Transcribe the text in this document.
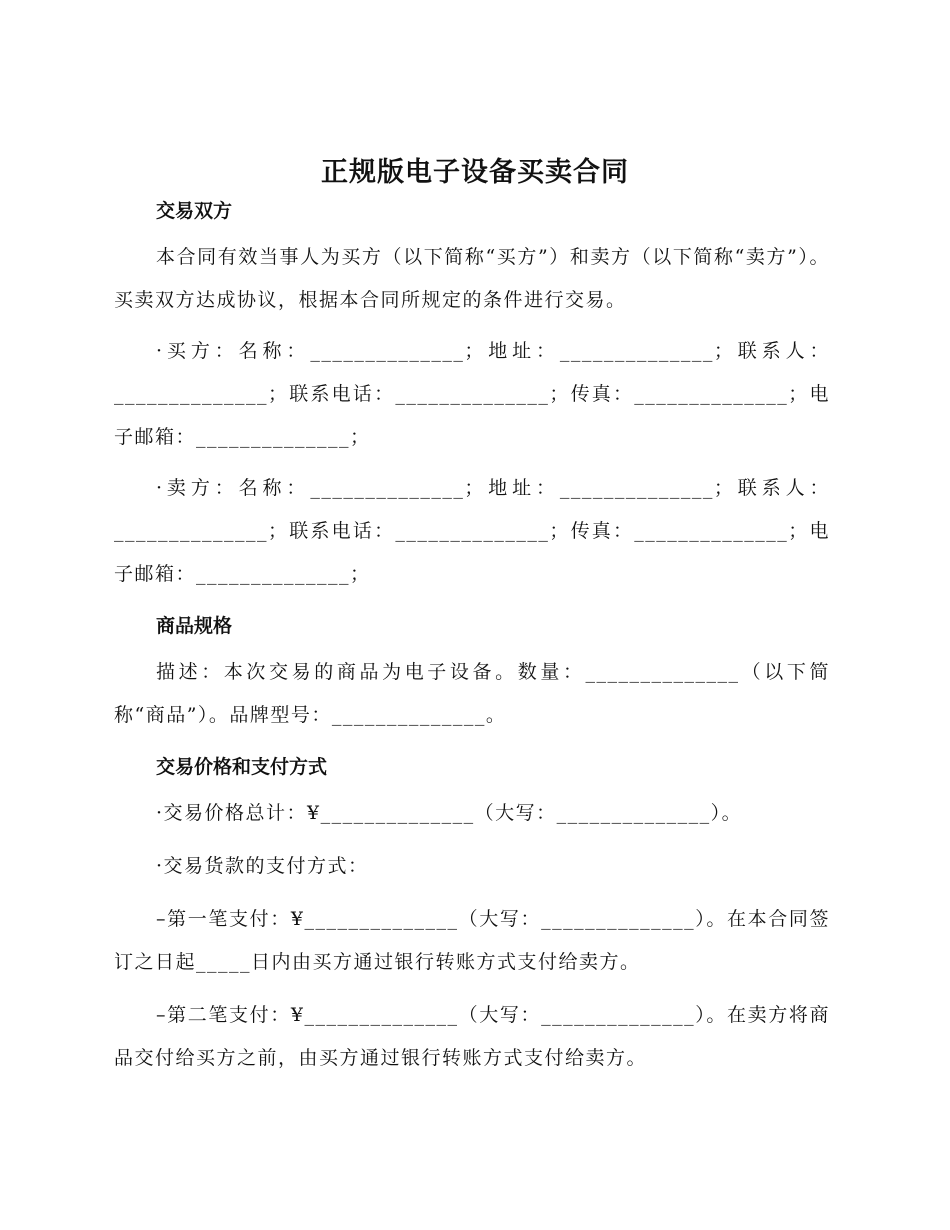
正规版电子设备买卖合同

交易双方

本合同有效当事人为买方（以下简称“买方”）和卖方（以下简称“卖方”）。买卖双方达成协议，根据本合同所规定的条件进行交易。

·买方：名称：______________；地址：______________；联系人：______________；联系电话：______________；传真：______________；电子邮箱：______________；

·卖方：名称：______________；地址：______________；联系人：______________；联系电话：______________；传真：______________；电子邮箱：______________；

商品规格

描述：本次交易的商品为电子设备。数量：______________（以下简称“商品”）。品牌型号：______________。

交易价格和支付方式

·交易价格总计：¥______________（大写：______________）。

·交易货款的支付方式：

–第一笔支付：¥______________（大写：______________）。在本合同签订之日起_____日内由买方通过银行转账方式支付给卖方。

–第二笔支付：¥______________（大写：______________）。在卖方将商品交付给买方之前，由买方通过银行转账方式支付给卖方。
